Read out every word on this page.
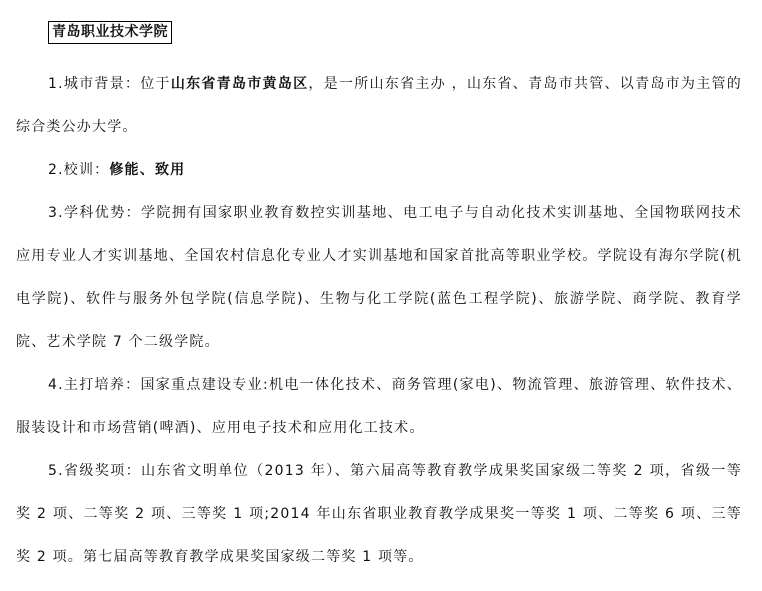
青岛职业技术学院

1.城市背景：位于山东省青岛市黄岛区，是一所山东省主办 ，山东省、青岛市共管、以青岛市为主管的综合类公办大学。

2.校训：修能、致用

3.学科优势：学院拥有国家职业教育数控实训基地、电工电子与自动化技术实训基地、全国物联网技术应用专业人才实训基地、全国农村信息化专业人才实训基地和国家首批高等职业学校。学院设有海尔学院(机电学院)、软件与服务外包学院(信息学院)、生物与化工学院(蓝色工程学院)、旅游学院、商学院、教育学院、艺术学院 7 个二级学院。

4.主打培养：国家重点建设专业:机电一体化技术、商务管理(家电)、物流管理、旅游管理、软件技术、服装设计和市场营销(啤酒)、应用电子技术和应用化工技术。

5.省级奖项：山东省文明单位（2013 年）、第六届高等教育教学成果奖国家级二等奖 2 项，省级一等奖 2 项、二等奖 2 项、三等奖 1 项;2014 年山东省职业教育教学成果奖一等奖 1 项、二等奖 6 项、三等奖 2 项。第七届高等教育教学成果奖国家级二等奖 1 项等。
